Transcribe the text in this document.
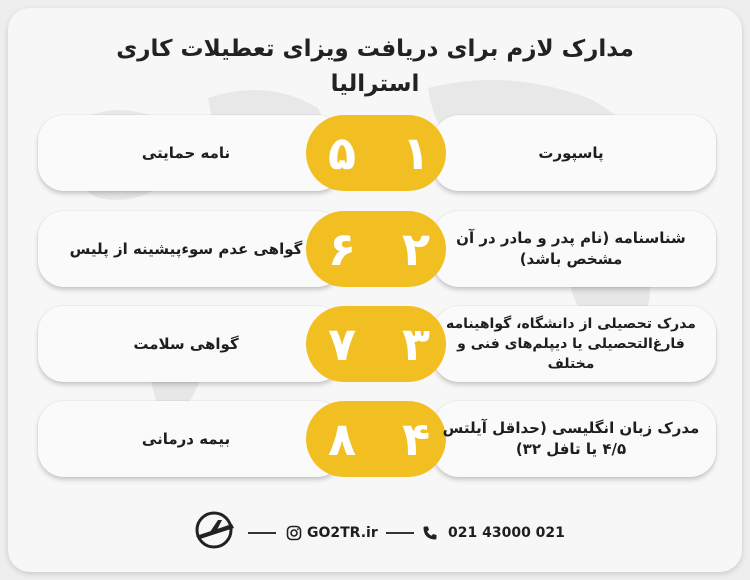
مدارک لازم برای دریافت ویزای تعطیلات کاری استرالیا
۵ ۱
نامه حمایتی	پاسپورت
۶ ۲
گواهی عدم سوءپیشینه از پلیس
شناسنامه (نام پدر و مادر در آن مشخص باشد)
۷ ۳
گواهی سلامت
مدرک تحصیلی از دانشگاه، گواهینامه فارغ‌التحصیلی یا دیپلم‌های فنی و مختلف
۸ ۴
بیمه درمانی
مدرک زبان انگلیسی (حداقل آیلتس ۴/۵ یا تافل ۳۲)
GO2TR.ir	021 43000 021
